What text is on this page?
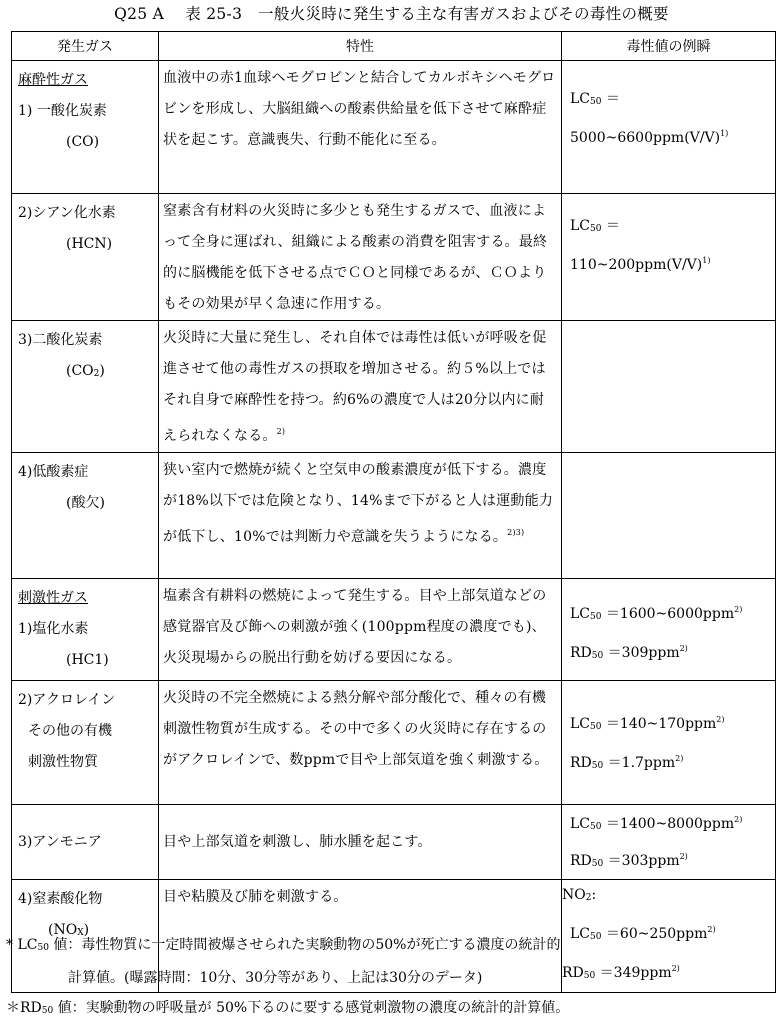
Q25 A　 表 25-3　一般火災時に発生する主な有害ガスおよびその毒性の概要
発生ガス	特性	毒性値の例瞬

麻酔性ガス
1) 一酸化炭素
(CO)	血液中の赤1血球ヘモグロビンと結合してカルボキシヘモグロビンを形成し、大脳組織への酸素供給量を低下させて麻酔症状を起こす。意識喪失、行動不能化に至る。	$LC_{50}$ ＝
$5000\sim 6600ppm(V/V)^{1)}$

2)シアン化水素
(HCN)	窒素含有材料の火災時に多少とも発生するガスで、血液によって全身に運ばれ、組織による酸素の消費を阻害する。最終的に脳機能を低下させる点でＣＯと同様であるが、ＣＯよりもその効果が早く急速に作用する。	$LC_{50}$ ＝
$110\sim 200ppm(V/V)^{1)}$

3)二酸化炭素
$(CO_2)$	火災時に大量に発生し、それ自体では毒性は低いが呼吸を促進させて他の毒性ガスの摂取を増加させる。約５%以上ではそれ自身で麻酔性を持つ。約6%の濃度で人は20分以内に耐えられなくなる。$^{2)}$	

4)低酸素症
(酸欠)	狭い室内で燃焼が続くと空気申の酸素濃度が低下する。濃度が18%以下では危険となり、14%まで下がると人は運動能力が低下し、10%では判断力や意識を失うようになる。$^{2)3)}$	

刺激性ガス
1)塩化水素
(HC1)	塩素含有耕料の燃焼によって発生する。目や上部気道などの感覚器官及び飾への刺激が強く(100ppm程度の濃度でも)、火災現場からの脱出行動を妨げる要因になる。	$LC_{50}$ ＝1600~6000ppm$^{2)}$
$RD_{50} =309ppm^{2)}$

2)アクロレイン
その他の有機
刺激性物質	火災時の不完全燃焼による熱分解や部分酸化で、種々の有機刺激性物質が生成する。その中で多くの火災時に存在するのがアクロレインで、数ppmで目や上部気道を強く刺激する。	$LC_{50}$ ＝140~170ppm$^{2)}$
$RD_{50} =1.7ppm^{2)}$

3)アンモニア	目や上部気道を刺激し、肺水腫を起こす。	$LC_{50}$ ＝1400~8000ppm$^{2)}$
$RD_{50} =303ppm^{2)}$

4)窒素酸化物
$(NO_X)$	目や粘膜及び肺を刺激する。	$NO_2$:
$LC_{50}$ ＝60~250ppm$^{2)}$
$RD_{50} =349ppm^{2)}$
* $LC_{50}$ 値：毒性物質に一定時間被爆させられた実験動物の50%が死亡する濃度の統計的
計算値。(曝露時間：10分、30分等があり、上記は30分のデータ)
$*RD_{50}$ 値：実験動物の呼吸量が 50%下るのに要する感覚刺激物の濃度の統計的計算値。
